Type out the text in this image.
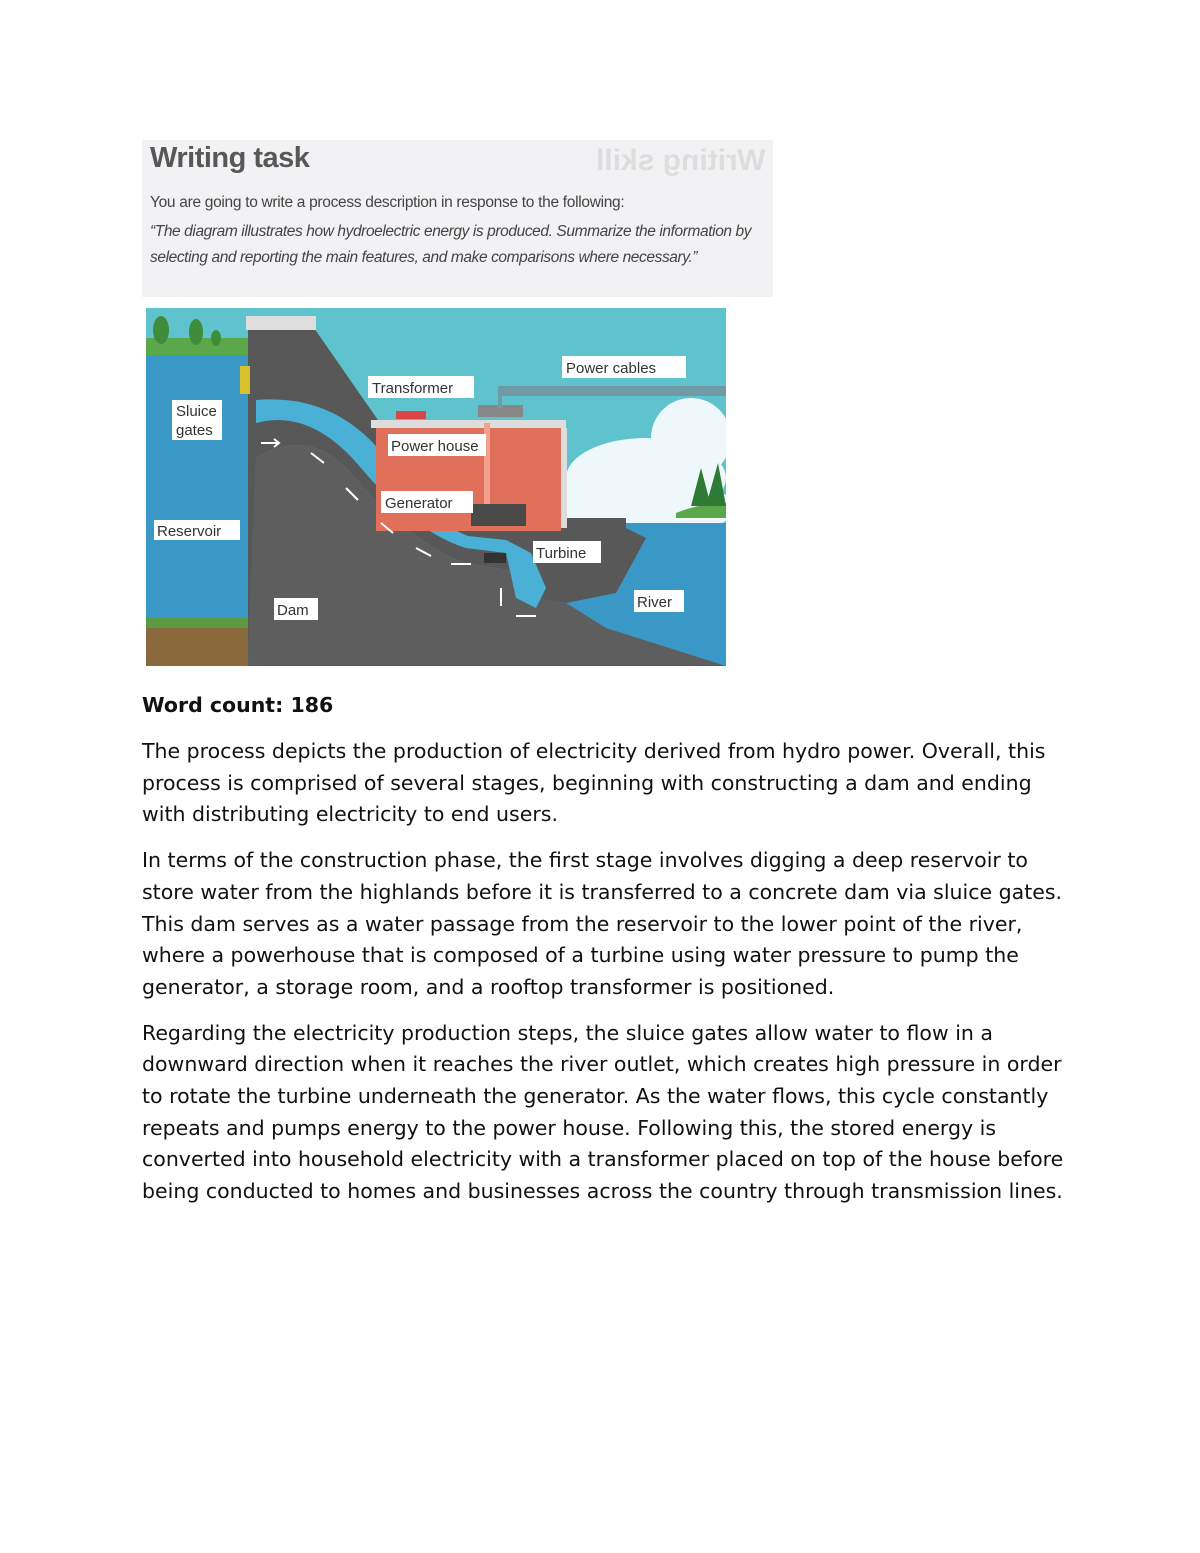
Writing skill
Writing task
You are going to write a process description in response to the following:
“The diagram illustrates how hydroelectric energy is produced. Summarize the information by selecting and reporting the main features, and make comparisons where necessary.”
Sluice
gates
Reservoir
Dam
Transformer
Power cables
Power house
Generator
Turbine
River

Word count: 186

The process depicts the production of electricity derived from hydro power. Overall, this process is comprised of several stages, beginning with constructing a dam and ending with distributing electricity to end users.

In terms of the construction phase, the first stage involves digging a deep reservoir to store water from the highlands before it is transferred to a concrete dam via sluice gates. This dam serves as a water passage from the reservoir to the lower point of the river, where a powerhouse that is composed of a turbine using water pressure to pump the generator, a storage room, and a rooftop transformer is positioned.

Regarding the electricity production steps, the sluice gates allow water to flow in a downward direction when it reaches the river outlet, which creates high pressure in order to rotate the turbine underneath the generator. As the water flows, this cycle constantly repeats and pumps energy to the power house. Following this, the stored energy is converted into household electricity with a transformer placed on top of the house before being conducted to homes and businesses across the country through transmission lines.
